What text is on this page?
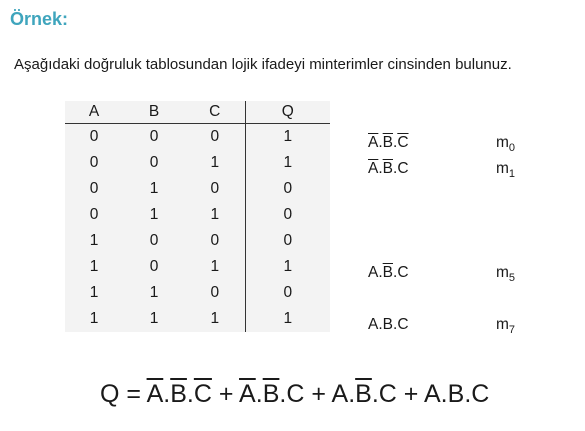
Örnek:
Aşağıdaki doğruluk tablosundan lojik ifadeyi minterimler cinsinden bulunuz.
A	B	C	Q
0	0	0	1
0	0	1	1
0	1	0	0
0	1	1	0
1	0	0	0
1	0	1	1
1	1	0	0
1	1	1	1
$\overline{A}.\overline{B}.\overline{C}$	$m_0$
$\overline{A}.\overline{B}.C$	$m_1$
$A.\overline{B}.C$	$m_5$
A.B.C	$m_7$
$Q = \overline{A}.\overline{B}.\overline{C} + \overline{A}.\overline{B}.C + A.\overline{B}.C + A.B.C$
